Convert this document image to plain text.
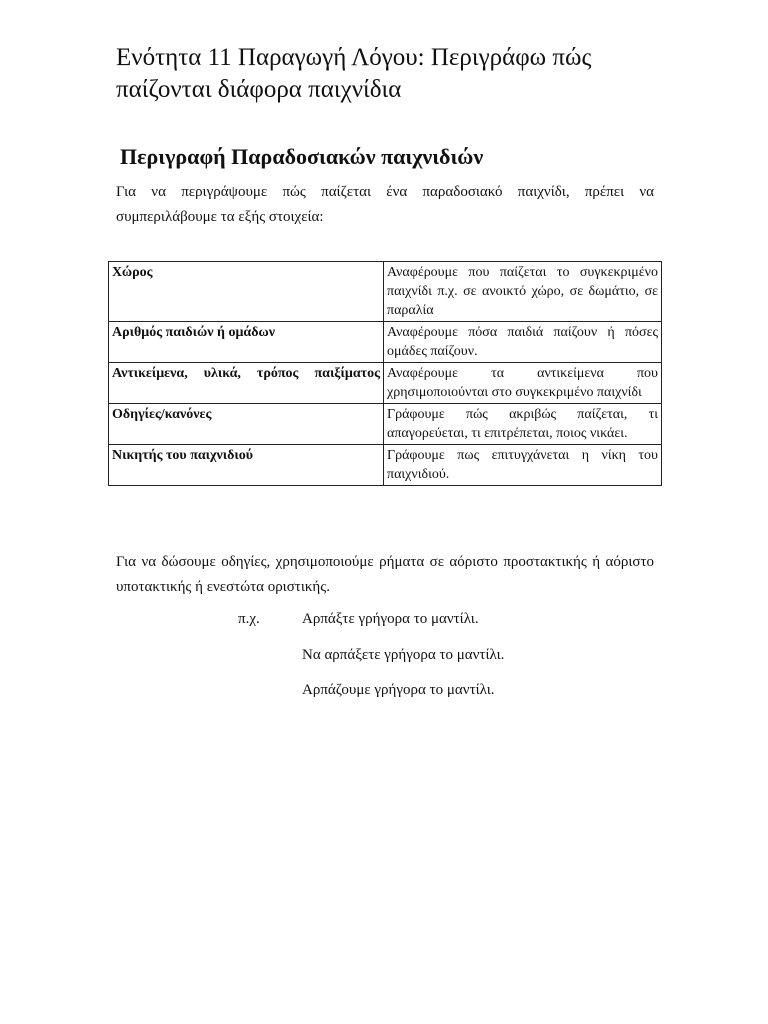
Ενότητα 11 Παραγωγή Λόγου: Περιγράφω πώς παίζονται διάφορα παιχνίδια
Περιγραφή Παραδοσιακών παιχνιδιών

Για να περιγράψουμε πώς παίζεται ένα παραδοσιακό παιχνίδι, πρέπει να συμπεριλάβουμε τα εξής στοιχεία:

Χώρος	Αναφέρουμε που παίζεται το συγκεκριμένο παιχνίδι π.χ. σε ανοικτό χώρο, σε δωμάτιο, σε παραλία
Αριθμός παιδιών ή ομάδων	Αναφέρουμε πόσα παιδιά παίζουν ή πόσες ομάδες παίζουν.
Αντικείμενα, υλικά, τρόπος παιξίματος	Αναφέρουμε τα αντικείμενα που χρησιμοποιούνται στο συγκεκριμένο παιχνίδι
Οδηγίες/κανόνες	Γράφουμε πώς ακριβώς παίζεται, τι απαγορεύεται, τι επιτρέπεται, ποιος νικάει.
Νικητής του παιχνιδιού	Γράφουμε πως επιτυγχάνεται η νίκη του παιχνιδιού.

Για να δώσουμε οδηγίες, χρησιμοποιούμε ρήματα σε αόριστο προστακτικής ή αόριστο υποτακτικής ή ενεστώτα οριστικής.

π.χ.	Αρπάξτε γρήγορα το μαντίλι.
Να αρπάξετε γρήγορα το μαντίλι.
Αρπάζουμε γρήγορα το μαντίλι.
